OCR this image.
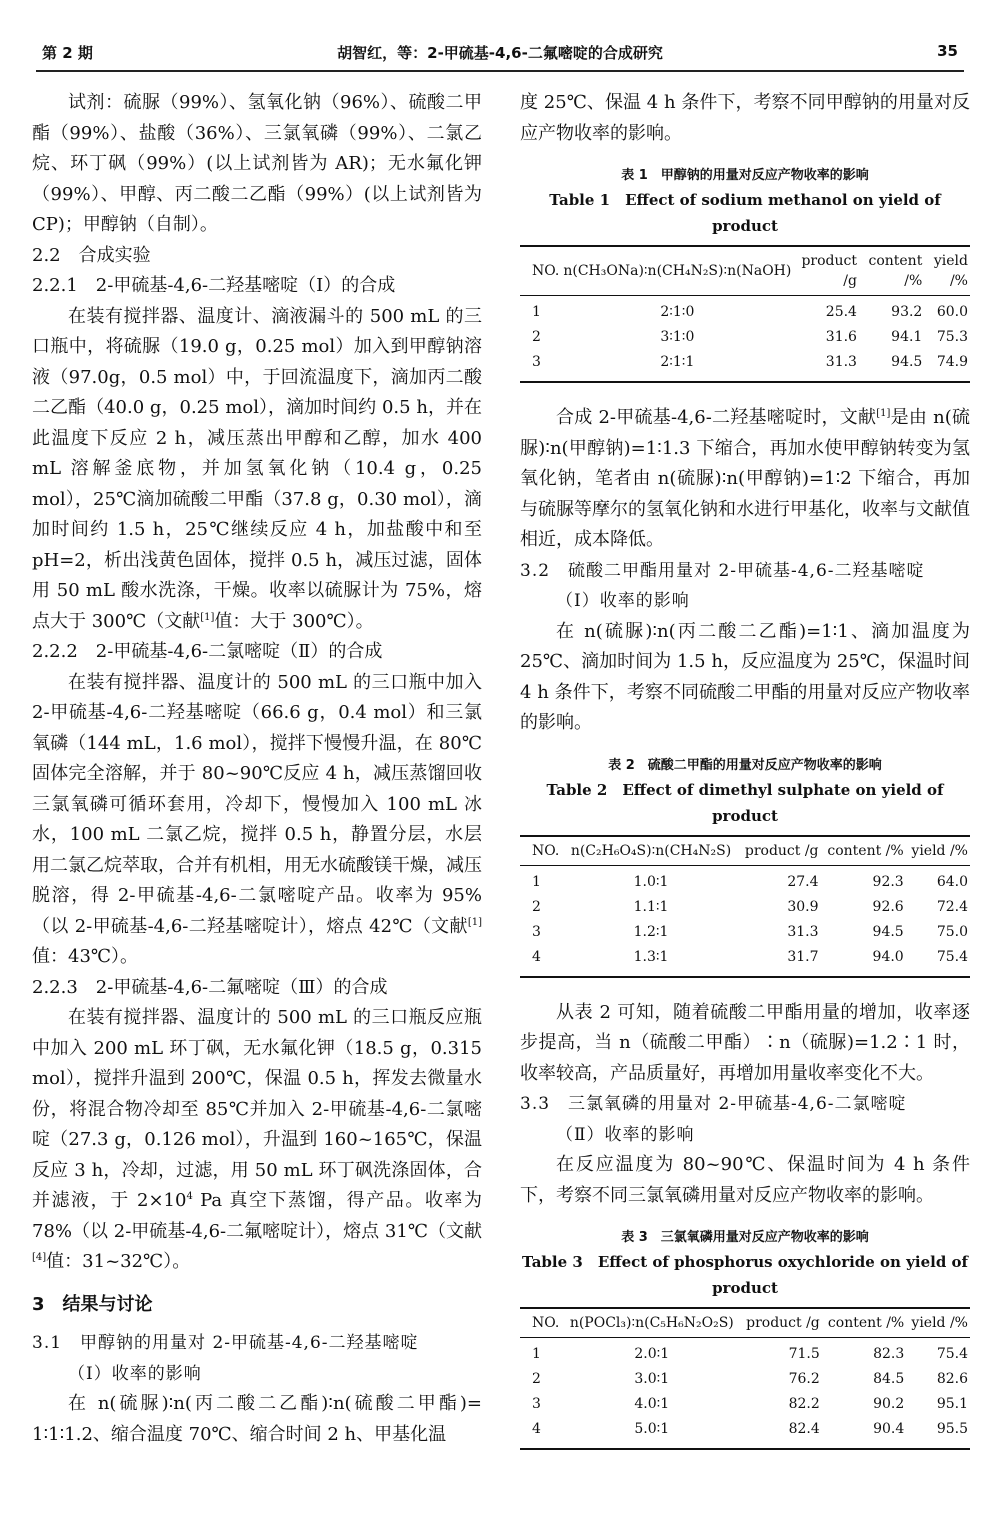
第 2 期	胡智红，等：2-甲硫基-4,6-二氟嘧啶的合成研究	35

试剂：硫脲（99%）、氢氧化钠（96%）、硫酸二甲酯（99%）、盐酸（36%）、三氯氧磷（99%）、二氯乙烷、环丁砜（99%）(以上试剂皆为 AR)；无水氟化钾（99%）、甲醇、丙二酸二乙酯（99%）(以上试剂皆为 CP)；甲醇钠（自制）。

2.2　合成实验

2.2.1　2-甲硫基-4,6-二羟基嘧啶（Ⅰ）的合成

在装有搅拌器、温度计、滴液漏斗的 500 mL 的三口瓶中，将硫脲（19.0 g，0.25 mol）加入到甲醇钠溶液（97.0g，0.5 mol）中，于回流温度下，滴加丙二酸二乙酯（40.0 g，0.25 mol），滴加时间约 0.5 h，并在此温度下反应 2 h，减压蒸出甲醇和乙醇，加水 400 mL 溶解釜底物，并加氢氧化钠（10.4 g，0.25 mol），25℃滴加硫酸二甲酯（37.8 g，0.30 mol），滴加时间约 1.5 h，25℃继续反应 4 h，加盐酸中和至 pH=2，析出浅黄色固体，搅拌 0.5 h，减压过滤，固体用 50 mL 酸水洗涤，干燥。收率以硫脲计为 75%，熔点大于 300℃（文献[1]值：大于 300℃）。

2.2.2　2-甲硫基-4,6-二氯嘧啶（Ⅱ）的合成

在装有搅拌器、温度计的 500 mL 的三口瓶中加入 2-甲硫基-4,6-二羟基嘧啶（66.6 g，0.4 mol）和三氯氧磷（144 mL，1.6 mol），搅拌下慢慢升温，在 80℃固体完全溶解，并于 80~90℃反应 4 h，减压蒸馏回收三氯氧磷可循环套用，冷却下，慢慢加入 100 mL 冰水，100 mL 二氯乙烷，搅拌 0.5 h，静置分层，水层用二氯乙烷萃取，合并有机相，用无水硫酸镁干燥，减压脱溶，得 2-甲硫基-4,6-二氯嘧啶产品。收率为 95%（以 2-甲硫基-4,6-二羟基嘧啶计），熔点 42℃（文献[1]值：43℃）。

2.2.3　2-甲硫基-4,6-二氟嘧啶（Ⅲ）的合成

在装有搅拌器、温度计的 500 mL 的三口瓶反应瓶中加入 200 mL 环丁砜，无水氟化钾（18.5 g，0.315 mol），搅拌升温到 200℃，保温 0.5 h，挥发去微量水份，将混合物冷却至 85℃并加入 2-甲硫基-4,6-二氯嘧啶（27.3 g，0.126 mol），升温到 160~165℃，保温反应 3 h，冷却，过滤，用 50 mL 环丁砜洗涤固体，合并滤液，于 $2\times 10^4$ Pa 真空下蒸馏，得产品。收率为 78%（以 2-甲硫基-4,6-二氟嘧啶计），熔点 31℃（文献[4]值：31~32℃）。

3　结果与讨论

3.1　甲醇钠的用量对 2-甲硫基-4,6-二羟基嘧啶
（Ⅰ）收率的影响

在 n(硫脲)∶n(丙二酸二乙酯)∶n(硫酸二甲酯)= 1∶1∶1.2、缩合温度 70℃、缩合时间 2 h、甲基化温

度 25℃、保温 4 h 条件下，考察不同甲醇钠的用量对反应产物收率的影响。

表 1　甲醇钠的用量对反应产物收率的影响
Table 1　Effect of sodium methanol on yield of product
NO.	n(CH₃ONa)∶n(CH₄N₂S)∶n(NaOH)	product /g	content /%	yield /%
1	2∶1∶0	25.4	93.2	60.0
2	3∶1∶0	31.6	94.1	75.3
3	2∶1∶1	31.3	94.5	74.9

合成 2-甲硫基-4,6-二羟基嘧啶时，文献[1]是由 n(硫脲)∶n(甲醇钠)=1∶1.3 下缩合，再加水使甲醇钠转变为氢氧化钠，笔者由 n(硫脲)∶n(甲醇钠)=1∶2 下缩合，再加与硫脲等摩尔的氢氧化钠和水进行甲基化，收率与文献值相近，成本降低。

3.2　硫酸二甲酯用量对 2-甲硫基-4,6-二羟基嘧啶
（Ⅰ）收率的影响

在 n(硫脲)∶n(丙二酸二乙酯)=1∶1、滴加温度为 25℃、滴加时间为 1.5 h，反应温度为 25℃，保温时间 4 h 条件下，考察不同硫酸二甲酯的用量对反应产物收率的影响。

表 2　硫酸二甲酯的用量对反应产物收率的影响
Table 2　Effect of dimethyl sulphate on yield of product
NO.	n(C₂H₆O₄S)∶n(CH₄N₂S)	product /g	content /%	yield /%
1	1.0∶1	27.4	92.3	64.0
2	1.1∶1	30.9	92.6	72.4
3	1.2∶1	31.3	94.5	75.0
4	1.3∶1	31.7	94.0	75.4

从表 2 可知，随着硫酸二甲酯用量的增加，收率逐步提高，当 n（硫酸二甲酯）∶n（硫脲)=1.2∶1 时，收率较高，产品质量好，再增加用量收率变化不大。

3.3　三氯氧磷的用量对 2-甲硫基-4,6-二氯嘧啶
（Ⅱ）收率的影响

在反应温度为 80~90℃、保温时间为 4 h 条件下，考察不同三氯氧磷用量对反应产物收率的影响。

表 3　三氯氧磷用量对反应产物收率的影响
Table 3　Effect of phosphorus oxychloride on yield of product
NO.	n(POCl₃)∶n(C₅H₆N₂O₂S)	product /g	content /%	yield /%
1	2.0∶1	71.5	82.3	75.4
2	3.0∶1	76.2	84.5	82.6
3	4.0∶1	82.2	90.2	95.1
4	5.0∶1	82.4	90.4	95.5
